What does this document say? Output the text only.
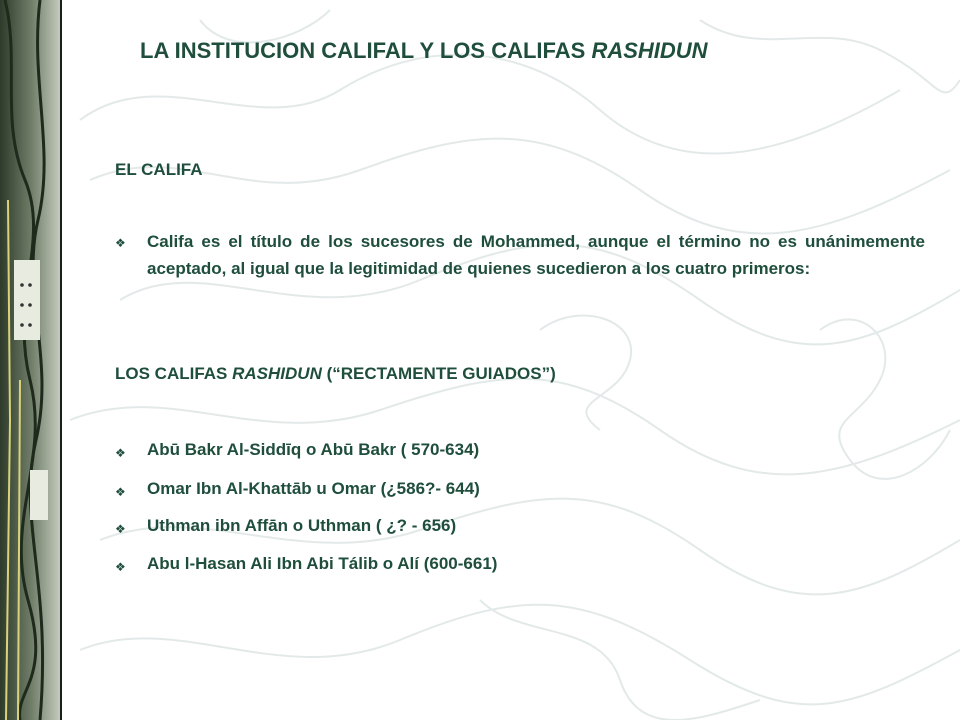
LA INSTITUCION CALIFAL Y LOS CALIFAS RASHIDUN
EL CALIFA
❖	Califa es el título de los sucesores de Mohammed, aunque el término no es unánimemente aceptado, al igual que la legitimidad de quienes sucedieron a los cuatro primeros:
LOS CALIFAS RASHIDUN (“RECTAMENTE GUIADOS”)
❖	Abū Bakr Al-Siddīq o Abū Bakr ( 570-634)
❖	Omar Ibn Al-Khattāb u Omar (¿586?- 644)
❖	Uthman ibn Affān o Uthman ( ¿? - 656)
❖	Abu l-Hasan Ali Ibn Abi Tálib o Alí (600-661)
